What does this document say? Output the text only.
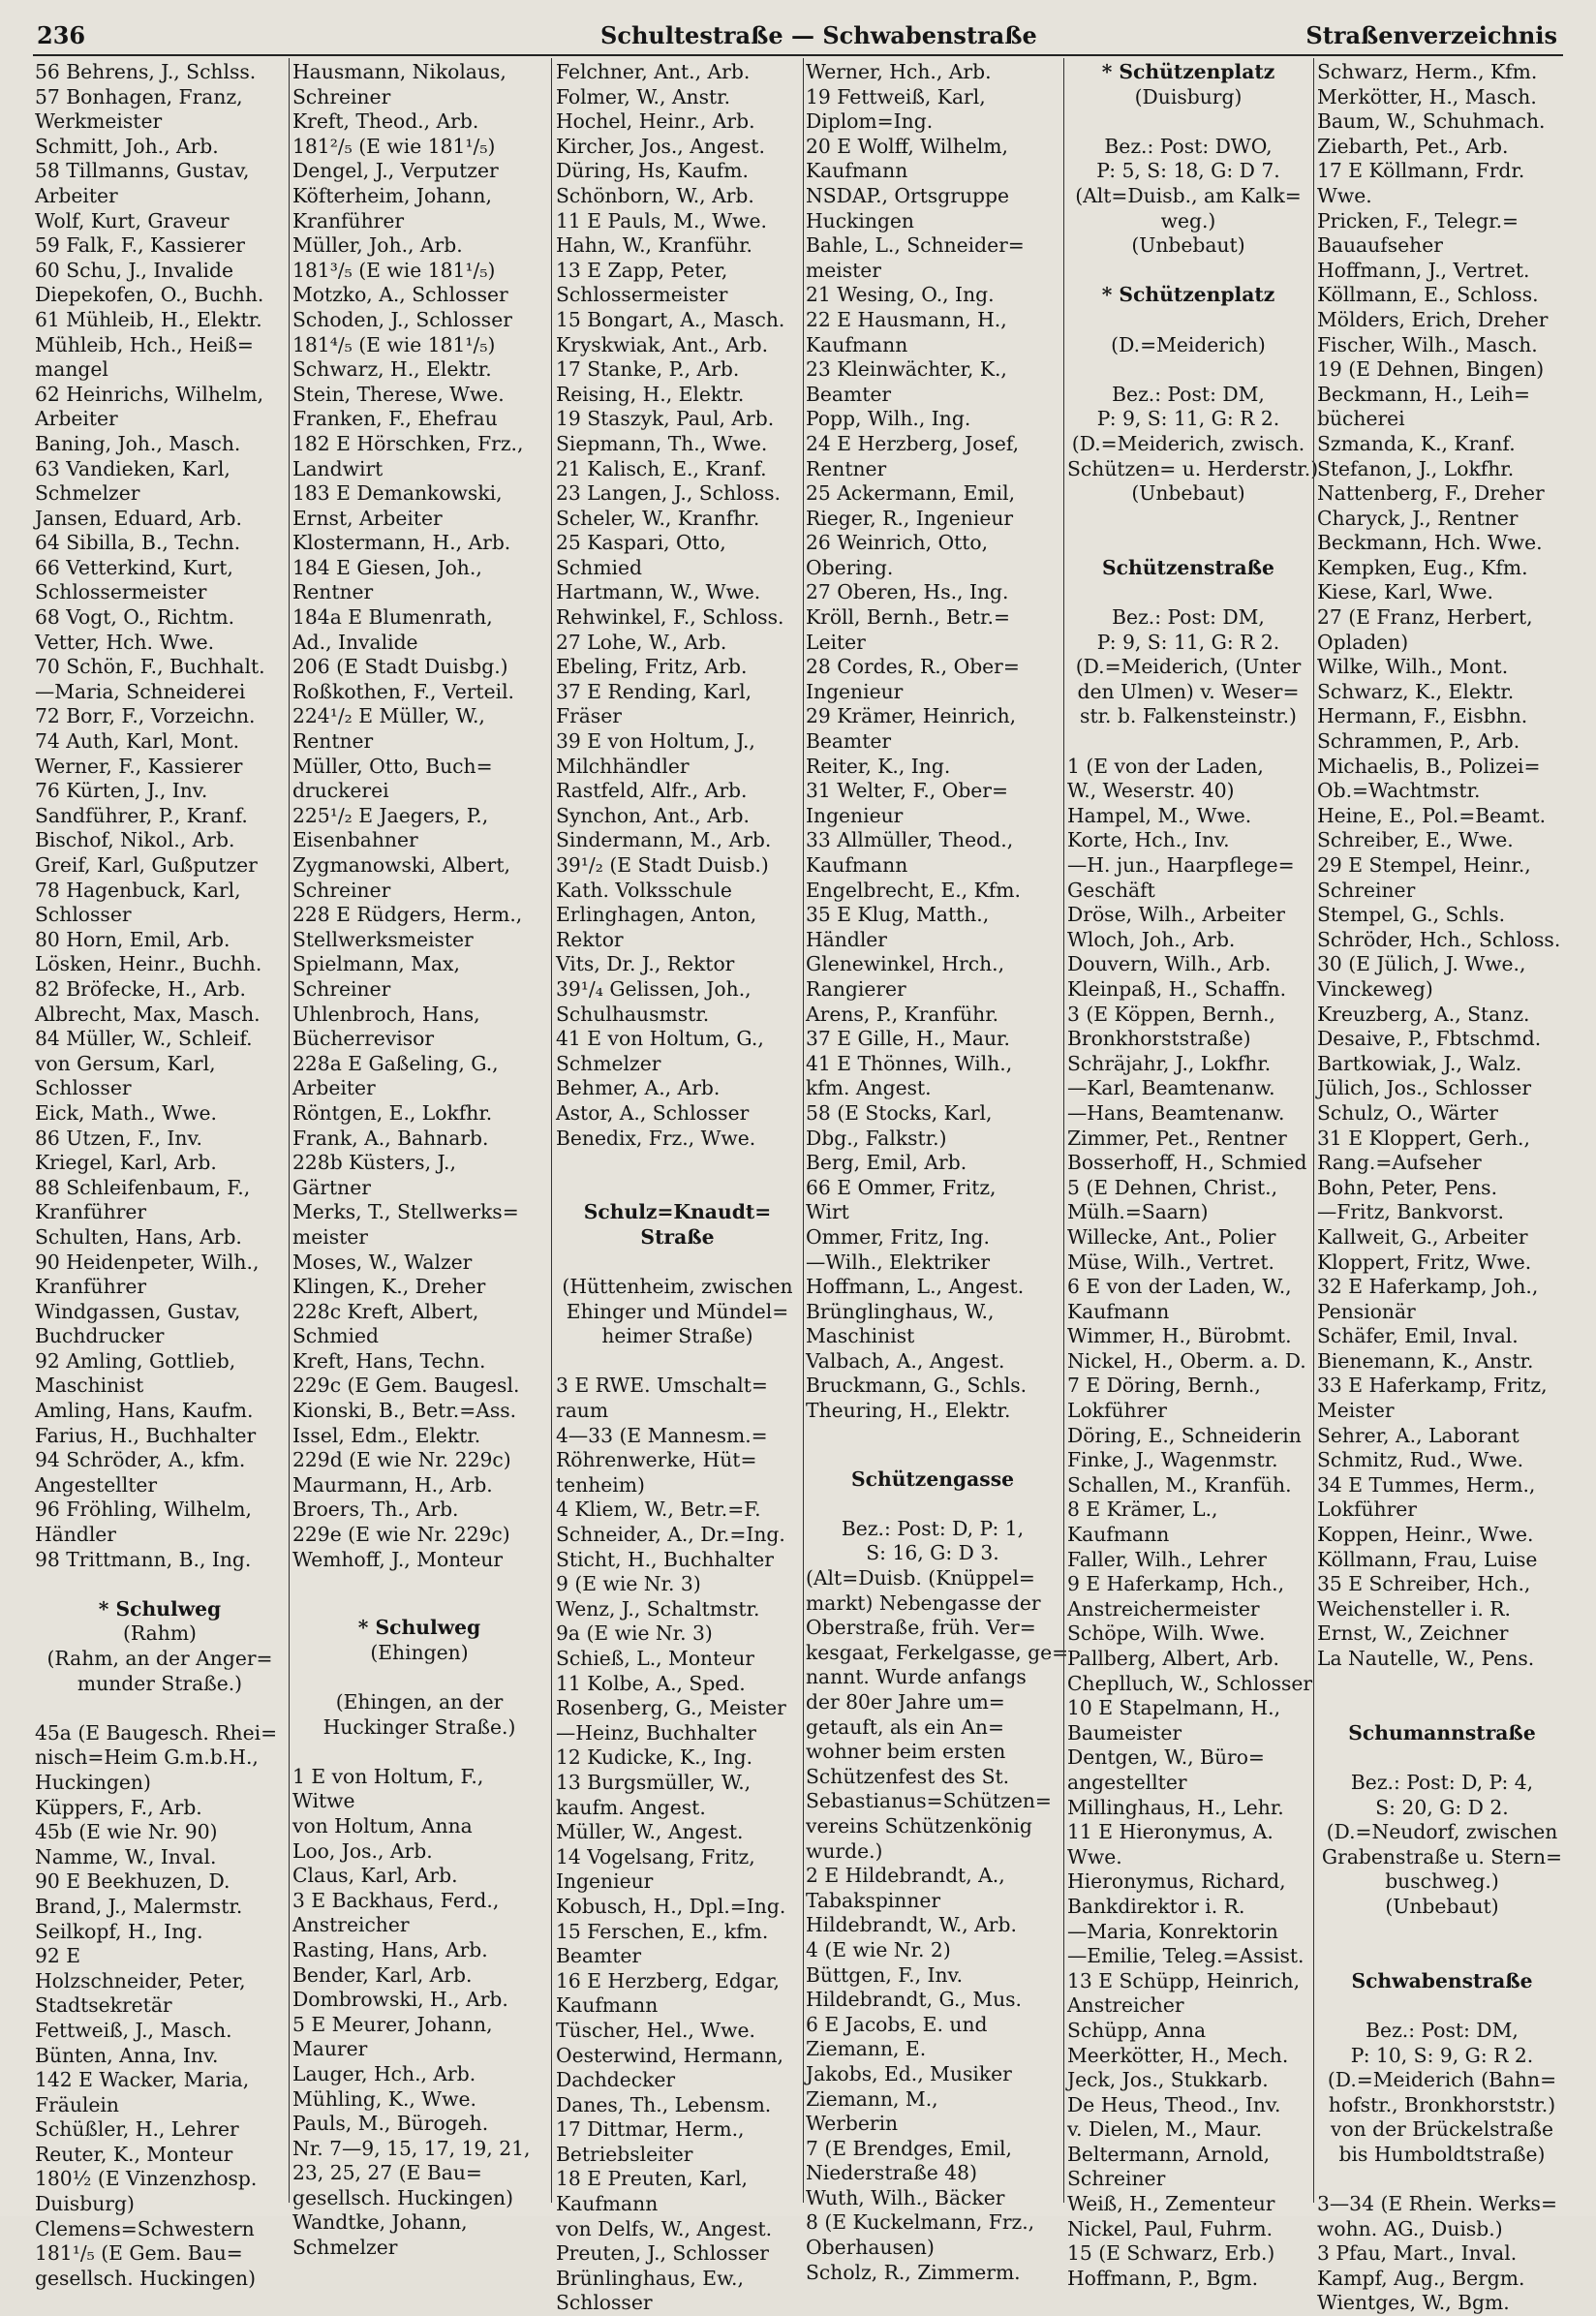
236	Schultestraße — Schwabenstraße	Straßenverzeichnis
56 Behrens, J., Schlss.
57 Bonhagen, Franz,
Werkmeister
Schmitt, Joh., Arb.
58 Tillmanns, Gustav,
Arbeiter
Wolf, Kurt, Graveur
59 Falk, F., Kassierer
60 Schu, J., Invalide
Diepekofen, O., Buchh.
61 Mühleib, H., Elektr.
Mühleib, Hch., Heiß=
mangel
62 Heinrichs, Wilhelm,
Arbeiter
Baning, Joh., Masch.
63 Vandieken, Karl,
Schmelzer
Jansen, Eduard, Arb.
64 Sibilla, B., Techn.
66 Vetterkind, Kurt,
Schlossermeister
68 Vogt, O., Richtm.
Vetter, Hch. Wwe.
70 Schön, F., Buchhalt.
—Maria, Schneiderei
72 Borr, F., Vorzeichn.
74 Auth, Karl, Mont.
Werner, F., Kassierer
76 Kürten, J., Inv.
Sandführer, P., Kranf.
Bischof, Nikol., Arb.
Greif, Karl, Gußputzer
78 Hagenbuck, Karl,
Schlosser
80 Horn, Emil, Arb.
Lösken, Heinr., Buchh.
82 Bröfecke, H., Arb.
Albrecht, Max, Masch.
84 Müller, W., Schleif.
von Gersum, Karl,
Schlosser
Eick, Math., Wwe.
86 Utzen, F., Inv.
Kriegel, Karl, Arb.
88 Schleifenbaum, F.,
Kranführer
Schulten, Hans, Arb.
90 Heidenpeter, Wilh.,
Kranführer
Windgassen, Gustav,
Buchdrucker
92 Amling, Gottlieb,
Maschinist
Amling, Hans, Kaufm.
Farius, H., Buchhalter
94 Schröder, A., kfm.
Angestellter
96 Fröhling, Wilhelm,
Händler
98 Trittmann, B., Ing.
* Schulweg
(Rahm)
(Rahm, an der Anger=
munder Straße.)
45a (E Baugesch. Rhei=
nisch=Heim G.m.b.H.,
Huckingen)
Küppers, F., Arb.
45b (E wie Nr. 90)
Namme, W., Inval.
90 E Beekhuzen, D.
Brand, J., Malermstr.
Seilkopf, H., Ing.
92 E
Holzschneider, Peter,
Stadtsekretär
Fettweiß, J., Masch.
Bünten, Anna, Inv.
142 E Wacker, Maria,
Fräulein
Schüßler, H., Lehrer
Reuter, K., Monteur
180½ (E Vinzenzhosp.
Duisburg)
Clemens=Schwestern
181¹/₅ (E Gem. Bau=
gesellsch. Huckingen)
Hausmann, Nikolaus,
Schreiner
Kreft, Theod., Arb.
181²/₅ (E wie 181¹/₅)
Dengel, J., Verputzer
Köfterheim, Johann,
Kranführer
Müller, Joh., Arb.
181³/₅ (E wie 181¹/₅)
Motzko, A., Schlosser
Schoden, J., Schlosser
181⁴/₅ (E wie 181¹/₅)
Schwarz, H., Elektr.
Stein, Therese, Wwe.
Franken, F., Ehefrau
182 E Hörschken, Frz.,
Landwirt
183 E Demankowski,
Ernst, Arbeiter
Klostermann, H., Arb.
184 E Giesen, Joh.,
Rentner
184a E Blumenrath,
Ad., Invalide
206 (E Stadt Duisbg.)
Roßkothen, F., Verteil.
224¹/₂ E Müller, W.,
Rentner
Müller, Otto, Buch=
druckerei
225¹/₂ E Jaegers, P.,
Eisenbahner
Zygmanowski, Albert,
Schreiner
228 E Rüdgers, Herm.,
Stellwerksmeister
Spielmann, Max,
Schreiner
Uhlenbroch, Hans,
Bücherrevisor
228a E Gaßeling, G.,
Arbeiter
Röntgen, E., Lokfhr.
Frank, A., Bahnarb.
228b Küsters, J.,
Gärtner
Merks, T., Stellwerks=
meister
Moses, W., Walzer
Klingen, K., Dreher
228c Kreft, Albert,
Schmied
Kreft, Hans, Techn.
229c (E Gem. Baugesl.
Kionski, B., Betr.=Ass.
Issel, Edm., Elektr.
229d (E wie Nr. 229c)
Maurmann, H., Arb.
Broers, Th., Arb.
229e (E wie Nr. 229c)
Wemhoff, J., Monteur
* Schulweg
(Ehingen)
(Ehingen, an der
Huckinger Straße.)
1 E von Holtum, F.,
Witwe
von Holtum, Anna
Loo, Jos., Arb.
Claus, Karl, Arb.
3 E Backhaus, Ferd.,
Anstreicher
Rasting, Hans, Arb.
Bender, Karl, Arb.
Dombrowski, H., Arb.
5 E Meurer, Johann,
Maurer
Lauger, Hch., Arb.
Mühling, K., Wwe.
Pauls, M., Bürogeh.
Nr. 7—9, 15, 17, 19, 21,
23, 25, 27 (E Bau=
gesellsch. Huckingen)
Wandtke, Johann,
Schmelzer
Felchner, Ant., Arb.
Folmer, W., Anstr.
Hochel, Heinr., Arb.
Kircher, Jos., Angest.
Düring, Hs, Kaufm.
Schönborn, W., Arb.
11 E Pauls, M., Wwe.
Hahn, W., Kranführ.
13 E Zapp, Peter,
Schlossermeister
15 Bongart, A., Masch.
Kryskwiak, Ant., Arb.
17 Stanke, P., Arb.
Reising, H., Elektr.
19 Staszyk, Paul, Arb.
Siepmann, Th., Wwe.
21 Kalisch, E., Kranf.
23 Langen, J., Schloss.
Scheler, W., Kranfhr.
25 Kaspari, Otto,
Schmied
Hartmann, W., Wwe.
Rehwinkel, F., Schloss.
27 Lohe, W., Arb.
Ebeling, Fritz, Arb.
37 E Rending, Karl,
Fräser
39 E von Holtum, J.,
Milchhändler
Rastfeld, Alfr., Arb.
Synchon, Ant., Arb.
Sindermann, M., Arb.
39¹/₂ (E Stadt Duisb.)
Kath. Volksschule
Erlinghagen, Anton,
Rektor
Vits, Dr. J., Rektor
39¹/₄ Gelissen, Joh.,
Schulhausmstr.
41 E von Holtum, G.,
Schmelzer
Behmer, A., Arb.
Astor, A., Schlosser
Benedix, Frz., Wwe.
Schulz=Knaudt=
Straße
(Hüttenheim, zwischen
Ehinger und Mündel=
heimer Straße)
3 E RWE. Umschalt=
raum
4—33 (E Mannesm.=
Röhrenwerke, Hüt=
tenheim)
4 Kliem, W., Betr.=F.
Schneider, A., Dr.=Ing.
Sticht, H., Buchhalter
9 (E wie Nr. 3)
Wenz, J., Schaltmstr.
9a (E wie Nr. 3)
Schieß, L., Monteur
11 Kolbe, A., Sped.
Rosenberg, G., Meister
—Heinz, Buchhalter
12 Kudicke, K., Ing.
13 Burgsmüller, W.,
kaufm. Angest.
Müller, W., Angest.
14 Vogelsang, Fritz,
Ingenieur
Kobusch, H., Dpl.=Ing.
15 Ferschen, E., kfm.
Beamter
16 E Herzberg, Edgar,
Kaufmann
Tüscher, Hel., Wwe.
Oesterwind, Hermann,
Dachdecker
Danes, Th., Lebensm.
17 Dittmar, Herm.,
Betriebsleiter
18 E Preuten, Karl,
Kaufmann
von Delfs, W., Angest.
Preuten, J., Schlosser
Brünlinghaus, Ew.,
Schlosser
Werner, Hch., Arb.
19 Fettweiß, Karl,
Diplom=Ing.
20 E Wolff, Wilhelm,
Kaufmann
NSDAP., Ortsgruppe
Huckingen
Bahle, L., Schneider=
meister
21 Wesing, O., Ing.
22 E Hausmann, H.,
Kaufmann
23 Kleinwächter, K.,
Beamter
Popp, Wilh., Ing.
24 E Herzberg, Josef,
Rentner
25 Ackermann, Emil,
Rieger, R., Ingenieur
26 Weinrich, Otto,
Obering.
27 Oberen, Hs., Ing.
Kröll, Bernh., Betr.=
Leiter
28 Cordes, R., Ober=
Ingenieur
29 Krämer, Heinrich,
Beamter
Reiter, K., Ing.
31 Welter, F., Ober=
Ingenieur
33 Allmüller, Theod.,
Kaufmann
Engelbrecht, E., Kfm.
35 E Klug, Matth.,
Händler
Glenewinkel, Hrch.,
Rangierer
Arens, P., Kranführ.
37 E Gille, H., Maur.
41 E Thönnes, Wilh.,
kfm. Angest.
58 (E Stocks, Karl,
Dbg., Falkstr.)
Berg, Emil, Arb.
66 E Ommer, Fritz,
Wirt
Ommer, Fritz, Ing.
—Wilh., Elektriker
Hoffmann, L., Angest.
Brünglinghaus, W.,
Maschinist
Valbach, A., Angest.
Bruckmann, G., Schls.
Theuring, H., Elektr.
Schützengasse
Bez.: Post: D, P: 1,
S: 16, G: D 3.
(Alt=Duisb. (Knüppel=
markt) Nebengasse der
Oberstraße, früh. Ver=
kesgaat, Ferkelgasse, ge=
nannt. Wurde anfangs
der 80er Jahre um=
getauft, als ein An=
wohner beim ersten
Schützenfest des St.
Sebastianus=Schützen=
vereins Schützenkönig
wurde.)
2 E Hildebrandt, A.,
Tabakspinner
Hildebrandt, W., Arb.
4 (E wie Nr. 2)
Büttgen, F., Inv.
Hildebrandt, G., Mus.
6 E Jacobs, E. und
Ziemann, E.
Jakobs, Ed., Musiker
Ziemann, M.,
Werberin
7 (E Brendges, Emil,
Niederstraße 48)
Wuth, Wilh., Bäcker
8 (E Kuckelmann, Frz.,
Oberhausen)
Scholz, R., Zimmerm.
* Schützenplatz
(Duisburg)
Bez.: Post: DWO,
P: 5, S: 18, G: D 7.
(Alt=Duisb., am Kalk=
weg.)
(Unbebaut)
* Schützenplatz
(D.=Meiderich)
Bez.: Post: DM,
P: 9, S: 11, G: R 2.
(D.=Meiderich, zwisch.
Schützen= u. Herderstr.)
(Unbebaut)
Schützenstraße
Bez.: Post: DM,
P: 9, S: 11, G: R 2.
(D.=Meiderich, (Unter
den Ulmen) v. Weser=
str. b. Falkensteinstr.)
1 (E von der Laden,
W., Weserstr. 40)
Hampel, M., Wwe.
Korte, Hch., Inv.
—H. jun., Haarpflege=
Geschäft
Dröse, Wilh., Arbeiter
Wloch, Joh., Arb.
Douvern, Wilh., Arb.
Kleinpaß, H., Schaffn.
3 (E Köppen, Bernh.,
Bronkhorststraße)
Schräjahr, J., Lokfhr.
—Karl, Beamtenanw.
—Hans, Beamtenanw.
Zimmer, Pet., Rentner
Bosserhoff, H., Schmied
5 (E Dehnen, Christ.,
Mülh.=Saarn)
Willecke, Ant., Polier
Müse, Wilh., Vertret.
6 E von der Laden, W.,
Kaufmann
Wimmer, H., Bürobmt.
Nickel, H., Oberm. a. D.
7 E Döring, Bernh.,
Lokführer
Döring, E., Schneiderin
Finke, J., Wagenmstr.
Schallen, M., Kranfüh.
8 E Krämer, L.,
Kaufmann
Faller, Wilh., Lehrer
9 E Haferkamp, Hch.,
Anstreichermeister
Schöpe, Wilh. Wwe.
Pallberg, Albert, Arb.
Cheplluch, W., Schlosser
10 E Stapelmann, H.,
Baumeister
Dentgen, W., Büro=
angestellter
Millinghaus, H., Lehr.
11 E Hieronymus, A.
Wwe.
Hieronymus, Richard,
Bankdirektor i. R.
—Maria, Konrektorin
—Emilie, Teleg.=Assist.
13 E Schüpp, Heinrich,
Anstreicher
Schüpp, Anna
Meerkötter, H., Mech.
Jeck, Jos., Stukkarb.
De Heus, Theod., Inv.
v. Dielen, M., Maur.
Beltermann, Arnold,
Schreiner
Weiß, H., Zementeur
Nickel, Paul, Fuhrm.
15 (E Schwarz, Erb.)
Hoffmann, P., Bgm.
Schwarz, Herm., Kfm.
Merkötter, H., Masch.
Baum, W., Schuhmach.
Ziebarth, Pet., Arb.
17 E Köllmann, Frdr.
Wwe.
Pricken, F., Telegr.=
Bauaufseher
Hoffmann, J., Vertret.
Köllmann, E., Schloss.
Mölders, Erich, Dreher
Fischer, Wilh., Masch.
19 (E Dehnen, Bingen)
Beckmann, H., Leih=
bücherei
Szmanda, K., Kranf.
Stefanon, J., Lokfhr.
Nattenberg, F., Dreher
Charyck, J., Rentner
Beckmann, Hch. Wwe.
Kempken, Eug., Kfm.
Kiese, Karl, Wwe.
27 (E Franz, Herbert,
Opladen)
Wilke, Wilh., Mont.
Schwarz, K., Elektr.
Hermann, F., Eisbhn.
Schrammen, P., Arb.
Michaelis, B., Polizei=
Ob.=Wachtmstr.
Heine, E., Pol.=Beamt.
Schreiber, E., Wwe.
29 E Stempel, Heinr.,
Schreiner
Stempel, G., Schls.
Schröder, Hch., Schloss.
30 (E Jülich, J. Wwe.,
Vinckeweg)
Kreuzberg, A., Stanz.
Desaive, P., Fbtschmd.
Bartkowiak, J., Walz.
Jülich, Jos., Schlosser
Schulz, O., Wärter
31 E Kloppert, Gerh.,
Rang.=Aufseher
Bohn, Peter, Pens.
—Fritz, Bankvorst.
Kallweit, G., Arbeiter
Kloppert, Fritz, Wwe.
32 E Haferkamp, Joh.,
Pensionär
Schäfer, Emil, Inval.
Bienemann, K., Anstr.
33 E Haferkamp, Fritz,
Meister
Sehrer, A., Laborant
Schmitz, Rud., Wwe.
34 E Tummes, Herm.,
Lokführer
Koppen, Heinr., Wwe.
Köllmann, Frau, Luise
35 E Schreiber, Hch.,
Weichensteller i. R.
Ernst, W., Zeichner
La Nautelle, W., Pens.
Schumannstraße
Bez.: Post: D, P: 4,
S: 20, G: D 2.
(D.=Neudorf, zwischen
Grabenstraße u. Stern=
buschweg.)
(Unbebaut)
Schwabenstraße
Bez.: Post: DM,
P: 10, S: 9, G: R 2.
(D.=Meiderich (Bahn=
hofstr., Bronkhorststr.)
von der Brückelstraße
bis Humboldtstraße)
3—34 (E Rhein. Werks=
wohn. AG., Duisb.)
3 Pfau, Mart., Inval.
Kampf, Aug., Bergm.
Wientges, W., Bgm.
